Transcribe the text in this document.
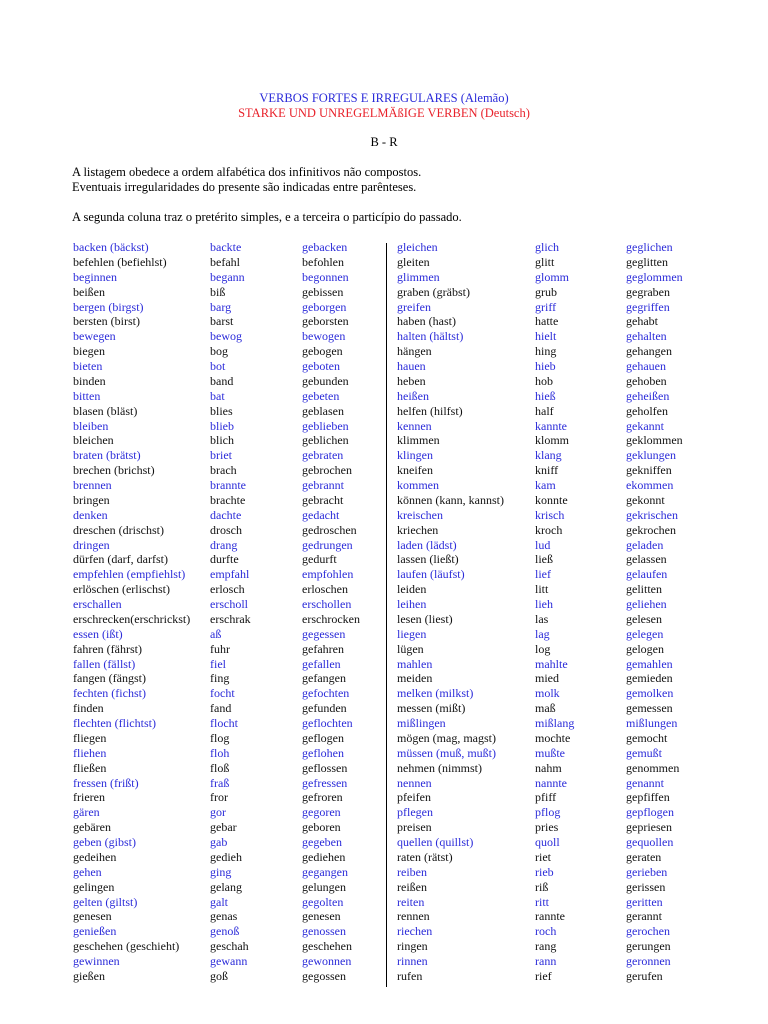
VERBOS FORTES E IRREGULARES (Alemão)
STARKE UND UNREGELMÄßIGE VERBEN (Deutsch)
B - R
A listagem obedece a ordem alfabética dos infinitivos não compostos.
Eventuais irregularidades do presente são indicadas entre parênteses.
A segunda coluna traz o pretérito simples, e a terceira o particípio do passado.
backen (bäckst)
befehlen (befiehlst)
beginnen
beißen
bergen (birgst)
bersten (birst)
bewegen
biegen
bieten
binden
bitten
blasen (bläst)
bleiben
bleichen
braten (brätst)
brechen (brichst)
brennen
bringen
denken
dreschen (drischst)
dringen
dürfen (darf, darfst)
empfehlen (empfiehlst)
erlöschen (erlischst)
erschallen
erschrecken(erschrickst)
essen (ißt)
fahren (fährst)
fallen (fällst)
fangen (fängst)
fechten (fichst)
finden
flechten (flichtst)
fliegen
fliehen
fließen
fressen (frißt)
frieren
gären
gebären
geben (gibst)
gedeihen
gehen
gelingen
gelten (giltst)
genesen
genießen
geschehen (geschieht)
gewinnen
gießen
backte
befahl
begann
biß
barg
barst
bewog
bog
bot
band
bat
blies
blieb
blich
briet
brach
brannte
brachte
dachte
drosch
drang
durfte
empfahl
erlosch
erscholl
erschrak
aß
fuhr
fiel
fing
focht
fand
flocht
flog
floh
floß
fraß
fror
gor
gebar
gab
gedieh
ging
gelang
galt
genas
genoß
geschah
gewann
goß
gebacken
befohlen
begonnen
gebissen
geborgen
geborsten
bewogen
gebogen
geboten
gebunden
gebeten
geblasen
geblieben
geblichen
gebraten
gebrochen
gebrannt
gebracht
gedacht
gedroschen
gedrungen
gedurft
empfohlen
erloschen
erschollen
erschrocken
gegessen
gefahren
gefallen
gefangen
gefochten
gefunden
geflochten
geflogen
geflohen
geflossen
gefressen
gefroren
gegoren
geboren
gegeben
gediehen
gegangen
gelungen
gegolten
genesen
genossen
geschehen
gewonnen
gegossen
gleichen
gleiten
glimmen
graben (gräbst)
greifen
haben (hast)
halten (hältst)
hängen
hauen
heben
heißen
helfen (hilfst)
kennen
klimmen
klingen
kneifen
kommen
können (kann, kannst)
kreischen
kriechen
laden (lädst)
lassen (ließt)
laufen (läufst)
leiden
leihen
lesen (liest)
liegen
lügen
mahlen
meiden
melken (milkst)
messen (mißt)
mißlingen
mögen (mag, magst)
müssen (muß, mußt)
nehmen (nimmst)
nennen
pfeifen
pflegen
preisen
quellen (quillst)
raten (rätst)
reiben
reißen
reiten
rennen
riechen
ringen
rinnen
rufen
glich
glitt
glomm
grub
griff
hatte
hielt
hing
hieb
hob
hieß
half
kannte
klomm
klang
kniff
kam
konnte
krisch
kroch
lud
ließ
lief
litt
lieh
las
lag
log
mahlte
mied
molk
maß
mißlang
mochte
mußte
nahm
nannte
pfiff
pflog
pries
quoll
riet
rieb
riß
ritt
rannte
roch
rang
rann
rief
geglichen
geglitten
geglommen
gegraben
gegriffen
gehabt
gehalten
gehangen
gehauen
gehoben
geheißen
geholfen
gekannt
geklommen
geklungen
gekniffen
ekommen
gekonnt
gekrischen
gekrochen
geladen
gelassen
gelaufen
gelitten
geliehen
gelesen
gelegen
gelogen
gemahlen
gemieden
gemolken
gemessen
mißlungen
gemocht
gemußt
genommen
genannt
gepfiffen
gepflogen
gepriesen
gequollen
geraten
gerieben
gerissen
geritten
gerannt
gerochen
gerungen
geronnen
gerufen
